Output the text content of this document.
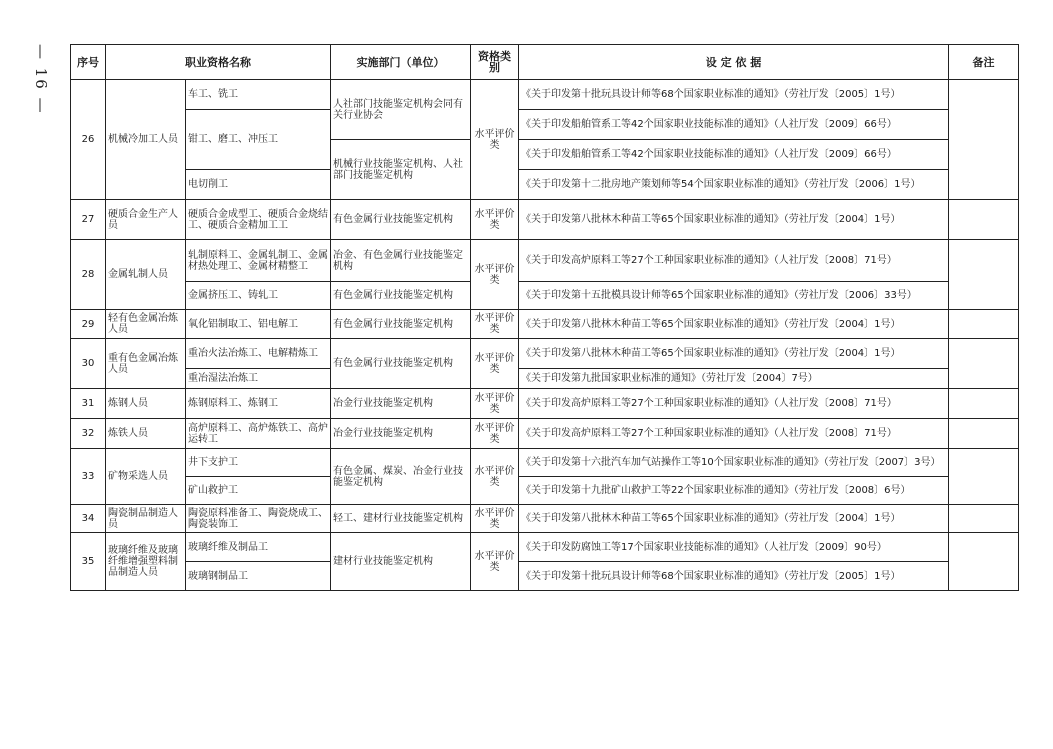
— 16 — 序号	职业资格名称		实施部门（单位）	资格类别	设 定 依 据	备注
26	机械冷加工人员	车工、铣工	人社部门技能鉴定机构会同有关行业协会	水平评价类	《关于印发第十批玩具设计师等68个国家职业标准的通知》（劳社厅发〔2005〕1号）	
		钳工、磨工、冲压工			《关于印发船舶管系工等42个国家职业技能标准的通知》（人社厅发〔2009〕66号）	
			机械行业技能鉴定机构、人社部门技能鉴定机构		《关于印发船舶管系工等42个国家职业技能标准的通知》（人社厅发〔2009〕66号）	
		电切削工			《关于印发第十二批房地产策划师等54个国家职业标准的通知》（劳社厅发〔2006〕1号）	
27	硬质合金生产人员	硬质合金成型工、硬质合金烧结工、硬质合金精加工工	有色金属行业技能鉴定机构	水平评价类	《关于印发第八批林木种苗工等65个国家职业标准的通知》（劳社厅发〔2004〕1号）	
28	金属轧制人员	轧制原料工、金属轧制工、金属材热处理工、金属材精整工	冶金、有色金属行业技能鉴定机构	水平评价类	《关于印发高炉原料工等27个工种国家职业标准的通知》（人社厅发〔2008〕71号）	
		金属挤压工、铸轧工	有色金属行业技能鉴定机构		《关于印发第十五批模具设计师等65个国家职业标准的通知》（劳社厅发〔2006〕33号）	
29	轻有色金属冶炼人员	氧化铝制取工、铝电解工	有色金属行业技能鉴定机构	水平评价类	《关于印发第八批林木种苗工等65个国家职业标准的通知》（劳社厅发〔2004〕1号）	
30	重有色金属冶炼人员	重冶火法冶炼工、电解精炼工	有色金属行业技能鉴定机构	水平评价类	《关于印发第八批林木种苗工等65个国家职业标准的通知》（劳社厅发〔2004〕1号）	
		重冶湿法冶炼工			《关于印发第九批国家职业标准的通知》（劳社厅发〔2004〕7号）	
31	炼钢人员	炼钢原料工、炼钢工	冶金行业技能鉴定机构	水平评价类	《关于印发高炉原料工等27个工种国家职业标准的通知》（人社厅发〔2008〕71号）	
32	炼铁人员	高炉原料工、高炉炼铁工、高炉运转工	冶金行业技能鉴定机构	水平评价类	《关于印发高炉原料工等27个工种国家职业标准的通知》（人社厅发〔2008〕71号）	
33	矿物采选人员	井下支护工	有色金属、煤炭、冶金行业技能鉴定机构	水平评价类	《关于印发第十六批汽车加气站操作工等10个国家职业标准的通知》（劳社厅发〔2007〕3号）	
		矿山救护工			《关于印发第十九批矿山救护工等22个国家职业标准的通知》（劳社厅发〔2008〕6号）	
34	陶瓷制品制造人员	陶瓷原料准备工、陶瓷烧成工、陶瓷装饰工	轻工、建材行业技能鉴定机构	水平评价类	《关于印发第八批林木种苗工等65个国家职业标准的通知》（劳社厅发〔2004〕1号）	
35	玻璃纤维及玻璃纤维增强塑料制品制造人员	玻璃纤维及制品工	建材行业技能鉴定机构	水平评价类	《关于印发防腐蚀工等17个国家职业技能标准的通知》（人社厅发〔2009〕90号）	
		玻璃钢制品工			《关于印发第十批玩具设计师等68个国家职业标准的通知》（劳社厅发〔2005〕1号）	
